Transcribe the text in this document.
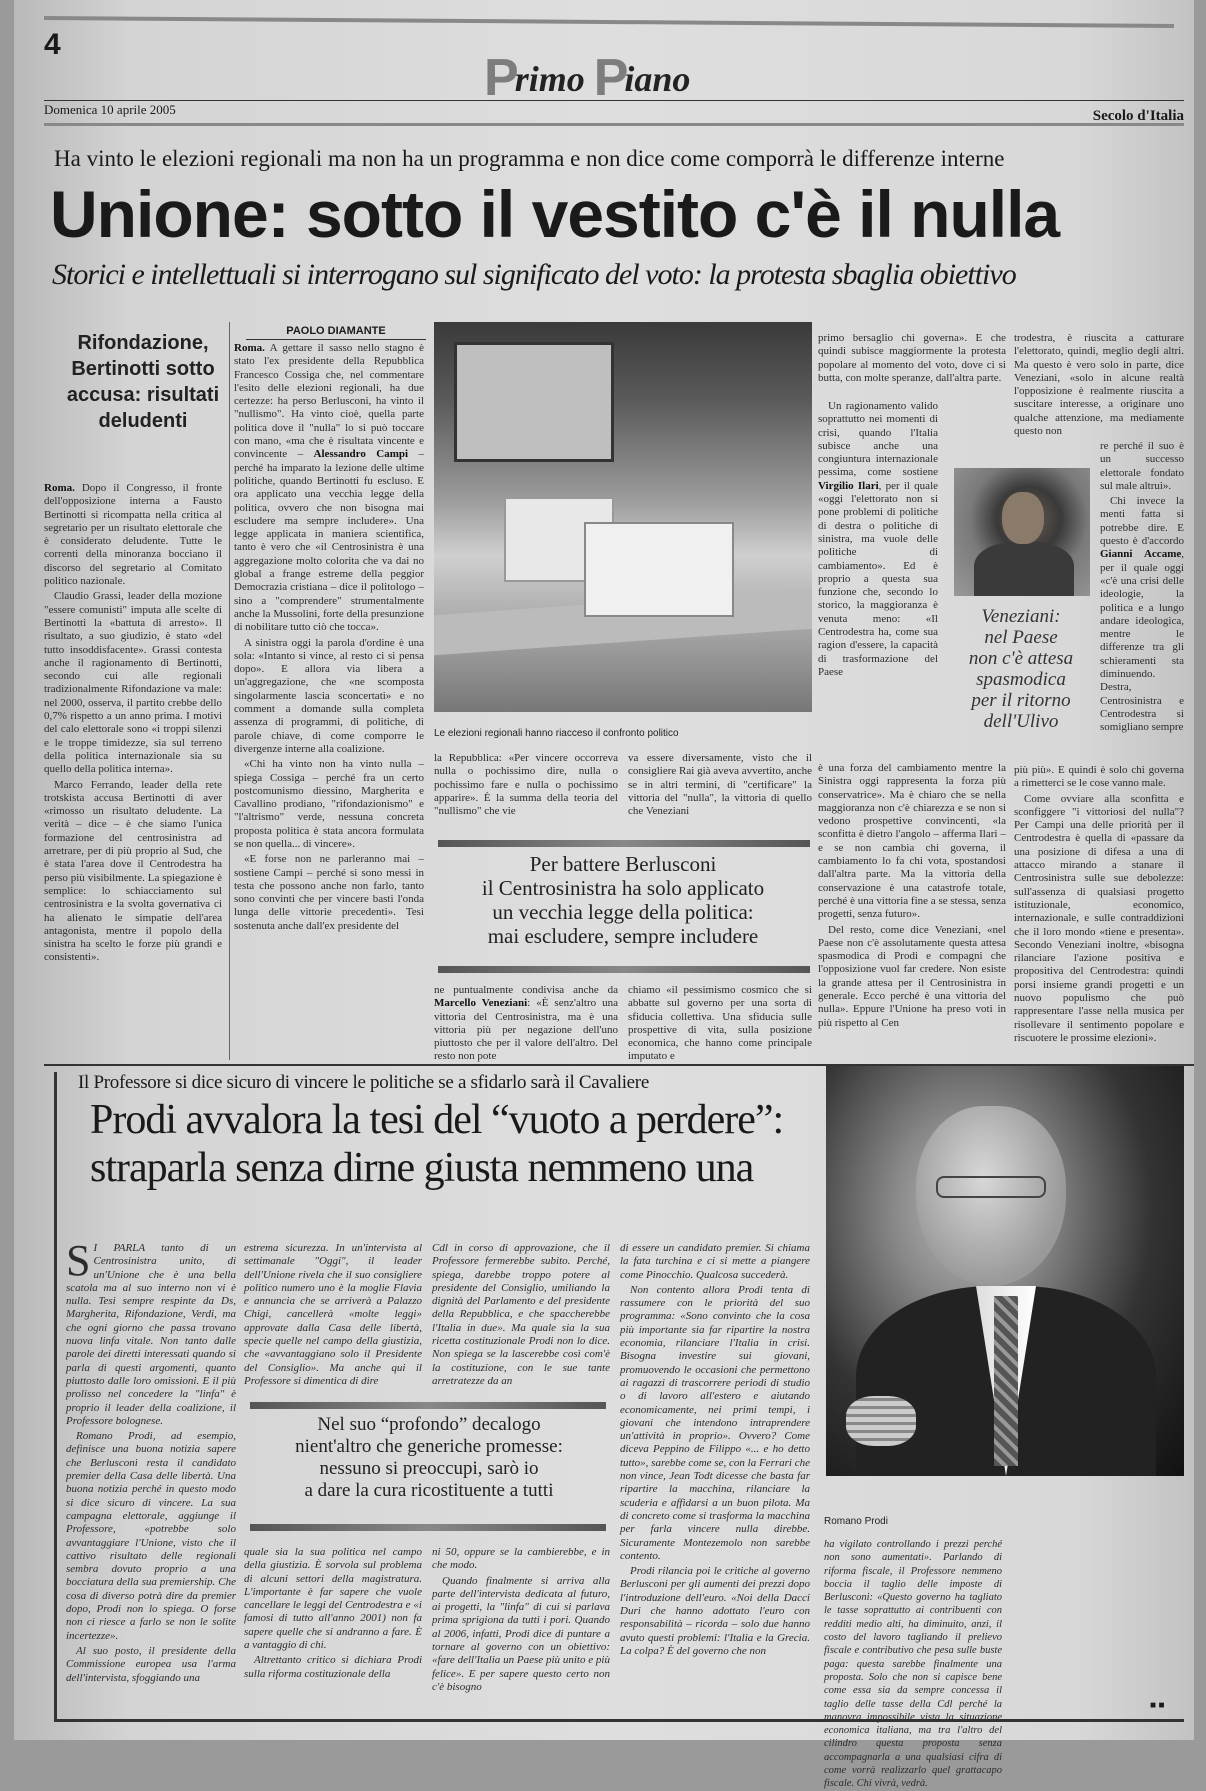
4
Primo Piano
Domenica 10 aprile 2005	Secolo d'Italia
Ha vinto le elezioni regionali ma non ha un programma e non dice come comporrà le differenze interne
Unione: sotto il vestito c'è il nulla
Storici e intellettuali si interrogano sul significato del voto: la protesta sbaglia obiettivo
Rifondazione, Bertinotti sotto accusa: risultati deludenti

Roma. Dopo il Congresso, il fronte dell'opposizione interna a Fausto Bertinotti si ricompatta nella critica al segretario per un risultato elettorale che è considerato deludente. Tutte le correnti della minoranza bocciano il discorso del segretario al Comitato politico nazionale.

Claudio Grassi, leader della mozione "essere comunisti" imputa alle scelte di Bertinotti la «battuta di arresto». Il risultato, a suo giudizio, è stato «del tutto insoddisfacente». Grassi contesta anche il ragionamento di Bertinotti, secondo cui alle regionali tradizionalmente Rifondazione va male: nel 2000, osserva, il partito crebbe dello 0,7% rispetto a un anno prima. I motivi del calo elettorale sono «i troppi silenzi e le troppe timidezze, sia sul terreno della politica internazionale sia su quello della politica interna».

Marco Ferrando, leader della rete trotskista accusa Bertinotti di aver «rimosso un risultato deludente. La verità – dice – è che siamo l'unica formazione del centrosinistra ad arretrare, per di più proprio al Sud, che è stata l'area dove il Centrodestra ha perso più visibilmente. La spiegazione è semplice: lo schiacciamento sul centrosinistra e la svolta governativa ci ha alienato le simpatie dell'area antagonista, mentre il popolo della sinistra ha scelto le forze più grandi e consistenti».

PAOLO DIAMANTE

Roma. A gettare il sasso nello stagno è stato l'ex presidente della Repubblica Francesco Cossiga che, nel commentare l'esito delle elezioni regionali, ha due certezze: ha perso Berlusconi, ha vinto il "nullismo". Ha vinto cioè, quella parte politica dove il "nulla" lo si può toccare con mano, «ma che è risultata vincente e convincente – Alessandro Campi – perché ha imparato la lezione delle ultime politiche, quando Bertinotti fu escluso. E ora applicato una vecchia legge della politica, ovvero che non bisogna mai escludere ma sempre includere». Una legge applicata in maniera scientifica, tanto è vero che «il Centrosinistra è una aggregazione molto colorita che va dai no global a frange estreme della peggior Democrazia cristiana – dice il politologo – sino a "comprendere" strumentalmente anche la Mussolini, forte della presunzione di nobilitare tutto ciò che tocca».

A sinistra oggi la parola d'ordine è una sola: «Intanto si vince, al resto ci si pensa dopo». E allora via libera a un'aggregazione, che «ne scomposta singolarmente lascia sconcertati» e no comment a domande sulla completa assenza di programmi, di politiche, di parole chiave, di come comporre le divergenze interne alla coalizione.

«Chi ha vinto non ha vinto nulla – spiega Cossiga – perché fra un certo postcomunismo diessino, Margherita e Cavallino prodiano, "rifondazionismo" e "l'altrismo" verde, nessuna concreta proposta politica è stata ancora formulata se non quella... di vincere».

«E forse non ne parleranno mai – sostiene Campi – perché si sono messi in testa che possono anche non farlo, tanto sono convinti che per vincere basti l'onda lunga delle vittorie precedenti». Tesi sostenuta anche dall'ex presidente del

Le elezioni regionali hanno riacceso il confronto politico
la Repubblica: «Per vincere occorreva nulla o pochissimo dire, nulla o pochissimo fare e nulla o pochissimo apparire». È la summa della teoria del "nullismo" che vie
va essere diversamente, visto che il consigliere Rai già aveva avvertito, anche se in altri termini, di "certificare" la vittoria del "nulla", la vittoria di quello che Veneziani
Per battere Berlusconi
il Centrosinistra ha solo applicato
un vecchia legge della politica:
mai escludere, sempre includere
ne puntualmente condivisa anche da Marcello Veneziani: «È senz'altro una vittoria del Centrosinistra, ma è una vittoria più per negazione dell'uno piuttosto che per il valore dell'altro. Del resto non pote
chiamo «il pessimismo cosmico che si abbatte sul governo per una sorta di sfiducia collettiva. Una sfiducia sulle prospettive di vita, sulla posizione economica, che hanno come principale imputato e

primo bersaglio chi governa». E che quindi subisce maggiormente la protesta popolare al momento del voto, dove ci si butta, con molte speranze, dall'altra parte.

Un ragionamento valido soprattutto nei momenti di crisi, quando l'Italia subisce anche una congiuntura internazionale pessima, come sostiene Virgilio Ilari, per il quale «oggi l'elettorato non si pone problemi di politiche di destra o politiche di sinistra, ma vuole delle politiche di cambiamento». Ed è proprio a questa sua funzione che, secondo lo storico, la maggioranza è venuta meno: «Il Centrodestra ha, come sua ragion d'essere, la capacità di trasformazione del Paese

è una forza del cambiamento mentre la Sinistra oggi rappresenta la forza più conservatrice». Ma è chiaro che se nella maggioranza non c'è chiarezza e se non si vedono prospettive convincenti, «la sconfitta è dietro l'angolo – afferma Ilari – e se non cambia chi governa, il cambiamento lo fa chi vota, spostandosi dall'altra parte. Ma la vittoria della conservazione è una catastrofe totale, perché è una vittoria fine a se stessa, senza progetti, senza futuro».

Del resto, come dice Veneziani, «nel Paese non c'è assolutamente questa attesa spasmodica di Prodi e compagni che l'opposizione vuol far credere. Non esiste la grande attesa per il Centrosinistra in generale. Ecco perché è una vittoria del nulla». Eppure l'Unione ha preso voti in più rispetto al Cen

Veneziani:
nel Paese
non c'è attesa
spasmodica
per il ritorno
dell'Ulivo
trodestra, è riuscita a catturare l'elettorato, quindi, meglio degli altri. Ma questo è vero solo in parte, dice Veneziani, «solo in alcune realtà l'opposizione è realmente riuscita a suscitare interesse, a originare uno qualche attenzione, ma mediamente questo non

re perché il suo è un successo elettorale fondato sul male altrui».

Chi invece la menti fatta si potrebbe dire. E questo è d'accordo Gianni Accame, per il quale oggi «c'è una crisi delle ideologie, la politica e a lungo andare ideologica, mentre le differenze tra gli schieramenti sta diminuendo. Destra, Centrosinistra e Centrodestra si somigliano sempre

più più». E quindi è solo chi governa a rimetterci se le cose vanno male.

Come ovviare alla sconfitta e sconfiggere "i vittoriosi del nulla"? Per Campi una delle priorità per il Centrodestra è quella di «passare da una posizione di difesa a una di attacco mirando a stanare il Centrosinistra sulle sue debolezze: sull'assenza di qualsiasi progetto istituzionale, economico, internazionale, e sulle contraddizioni che il loro mondo «tiene e presenta». Secondo Veneziani inoltre, «bisogna rilanciare l'azione positiva e propositiva del Centrodestra: quindi porsi insieme grandi progetti e un nuovo populismo che può rappresentare l'asse nella musica per risollevare il sentimento popolare e riscuotere le prossime elezioni».

Il Professore si dice sicuro di vincere le politiche se a sfidarlo sarà il Cavaliere
Prodi avvalora la tesi del “vuoto a perdere”:
straparla senza dirne giusta nemmeno una

S I PARLA tanto di un Centrosinistra unito, di un'Unione che è una bella scatola ma al suo interno non vi è nulla. Tesi sempre respinte da Ds, Margherita, Rifondazione, Verdi, ma che ogni giorno che passa trovano nuova linfa vitale. Non tanto dalle parole dei diretti interessati quando si parla di questi argomenti, quanto piuttosto dalle loro omissioni. E il più prolisso nel concedere la "linfa" è proprio il leader della coalizione, il Professore bolognese.

Romano Prodi, ad esempio, definisce una buona notizia sapere che Berlusconi resta il candidato premier della Casa delle libertà. Una buona notizia perché in questo modo si dice sicuro di vincere. La sua campagna elettorale, aggiunge il Professore, «potrebbe solo avvantaggiare l'Unione, visto che il cattivo risultato delle regionali sembra dovuto proprio a una bocciatura della sua premiership. Che cosa di diverso potrà dire da premier dopo, Prodi non lo spiega. O forse non ci riesce a farlo se non le solite incertezze».

Al suo posto, il presidente della Commissione europea usa l'arma dell'intervista, sfoggiando una

estrema sicurezza. In un'intervista al settimanale "Oggi", il leader dell'Unione rivela che il suo consigliere politico numero uno è la moglie Flavia e annuncia che se arriverà a Palazzo Chigi, cancellerà «molte leggi» approvate dalla Casa delle libertà, specie quelle nel campo della giustizia, che «avvantaggiano solo il Presidente del Consiglio». Ma anche qui il Professore si dimentica di dire
Cdl in corso di approvazione, che il Professore fermerebbe subito. Perché, spiega, darebbe troppo potere al presidente del Consiglio, umiliando la dignità del Parlamento e del presidente della Repubblica, e che spaccherebbe l'Italia in due». Ma quale sia la sua ricetta costituzionale Prodi non lo dice. Non spiega se la lascerebbe così com'è la costituzione, con le sue tante arretratezze da an
Nel suo “profondo” decalogo
nient'altro che generiche promesse:
nessuno si preoccupi, sarò io
a dare la cura ricostituente a tutti

quale sia la sua politica nel campo della giustizia. È sorvola sul problema di alcuni settori della magistratura. L'importante è far sapere che vuole cancellare le leggi del Centrodestra e «i famosi di tutto all'anno 2001) non fa sapere quelle che si andranno a fare. È a vantaggio di chi.

Altrettanto critico si dichiara Prodi sulla riforma costituzionale della

ni 50, oppure se la cambierebbe, e in che modo.

Quando finalmente si arriva alla parte dell'intervista dedicata al futuro, ai progetti, la "linfa" di cui si parlava prima sprigiona da tutti i pori. Quando al 2006, infatti, Prodi dice di puntare a tornare al governo con un obiettivo: «fare dell'Italia un Paese più unito e più felice». E per sapere questo certo non c'è bisogno

di essere un candidato premier. Si chiama la fata turchina e ci si mette a piangere come Pinocchio. Qualcosa succederà.

Non contento allora Prodi tenta di rassumere con le priorità del suo programma: «Sono convinto che la cosa più importante sia far ripartire la nostra economia, rilanciare l'Italia in crisi. Bisogna investire sui giovani, promuovendo le occasioni che permettono ai ragazzi di trascorrere periodi di studio o di lavoro all'estero e aiutando economicamente, nei primi tempi, i giovani che intendono intraprendere un'attività in proprio». Ovvero? Come diceva Peppino de Filippo «... e ho detto tutto», sarebbe come se, con la Ferrari che non vince, Jean Todt dicesse che basta far ripartire la macchina, rilanciare la scuderia e affidarsi a un buon pilota. Ma di concreto come si trasforma la macchina per farla vincere nulla direbbe. Sicuramente Montezemolo non sarebbe contento.

Prodi rilancia poi le critiche al governo Berlusconi per gli aumenti dei prezzi dopo l'introduzione dell'euro. «Noi della Dacci Duri che hanno adottato l'euro con responsabilità – ricorda – solo due hanno avuto questi problemi: l'Italia e la Grecia. La colpa? È del governo che non

Romano Prodi
ha vigilato controllando i prezzi perché non sono aumentati». Parlando di riforma fiscale, il Professore nemmeno boccia il taglio delle imposte di Berlusconi: «Questo governo ha tagliato le tasse soprattutto ai contribuenti con redditi medio alti, ha diminuito, anzi, il costo del lavoro tagliando il prelievo fiscale e contributivo che pesa sulle buste paga: questa sarebbe finalmente una proposta. Solo che non si capisce bene come essa sia da sempre concessa il taglio delle tasse della Cdl perché la manovra impossibile vista la situazione economica italiana, ma tra l'altro del cilindro questa proposta senza accompagnarla a una qualsiasi cifra di come vorrà realizzarlo quel grattacapo fiscale. Chi vivrà, vedrà.
■ ■
